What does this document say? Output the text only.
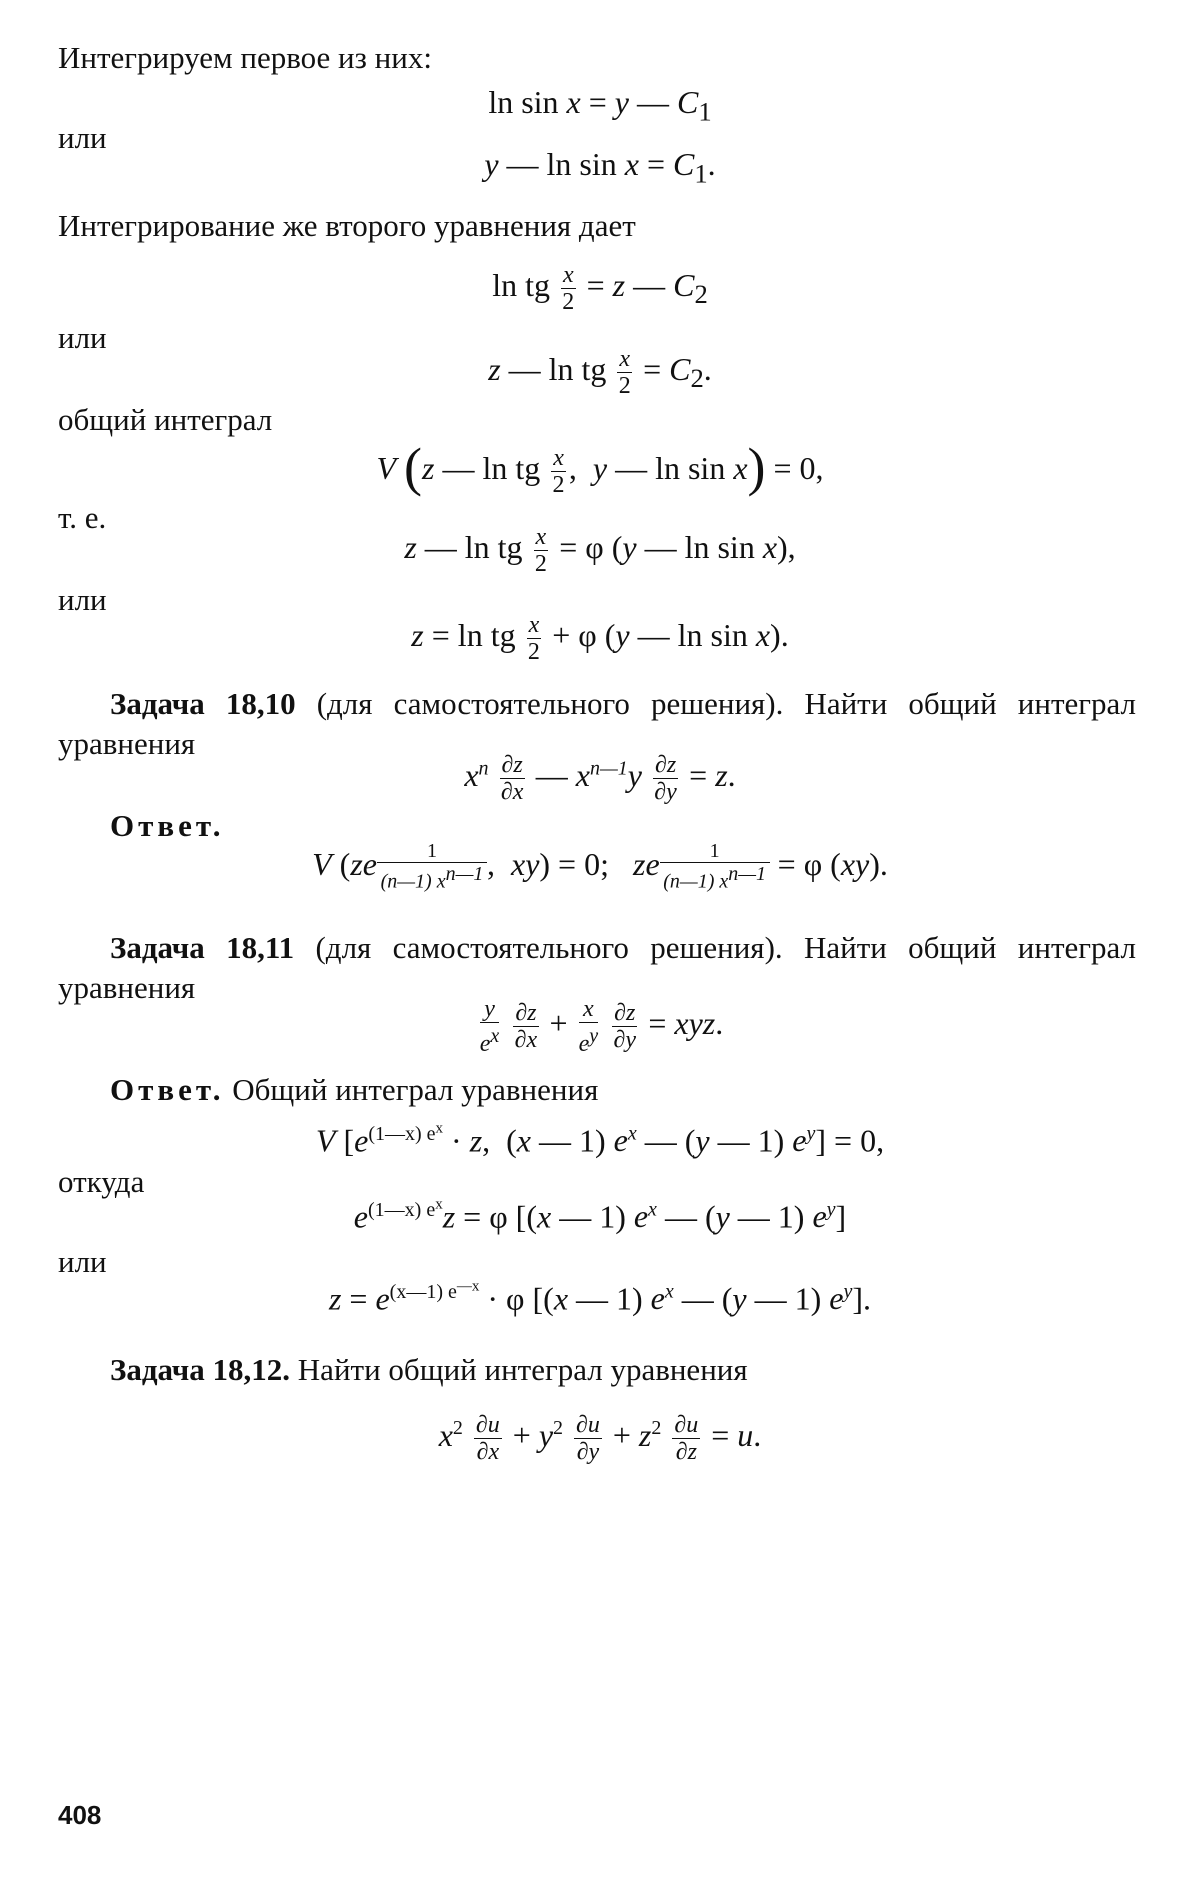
Интегрируем первое из них:
ln sin x = y — $C_1$
или
y — $\ln \sin x = C_1$.
Интегрирование же второго уравнения дает
ln tg $\frac{x}{2} = z$ — $C_2$
или
z — ln tg $\frac{x}{2} = C_2$.
общий интеграл
V (z — ln tg $\frac{x}{2}$ ,  y — ln sin x) = 0,
т. е.
z — ln tg $\frac{x}{2} = \varphi$ (y — ln sin x),
или
z = ln tg $\frac{x}{2} + \varphi$ (y — ln sin x).
Задача 18,10 (для самостоятельного решения). Найти общий интеграл уравнения
$x^n \frac{\partial z}{\partial x}$ — $x^{n—1}y \frac{\partial z}{\partial y} = z$.
Ответ.
V ($ze \frac{1}{(n—1) x^{n—1}}$ ,  xy) = 0;   ze $\frac{1}{(n—1) x^{n—1}} = \varphi$ (xy).
Задача 18,11 (для самостоятельного решения). Найти общий интеграл уравнения
$\frac{y}{e^x}$
$\frac{\partial z}{\partial x} + \frac{x}{e^y}$
$\frac{\partial z}{\partial y}$ = xyz.
Ответ. Общий интеграл уравнения
V [$e^{(1—x) e^x} \cdot z$,  (x — 1) $e^x$ — (y — 1) $e^y] = 0$,
откуда
$e^{(1—x) e^x}z = \varphi$ [(x — 1) $e^x$ — (y — 1) $e^y$]
или
$z = e^{(x—1) e^{—x}} \cdot \varphi$ [(x — 1) $e^x$ — (y — 1) $e^y$].
Задача 18,12. Найти общий интеграл уравнения
$x^2 \frac{\partial u}{\partial x} + y^2 \frac{\partial u}{\partial y} + z^2 \frac{\partial u}{\partial z} = u$.
408
